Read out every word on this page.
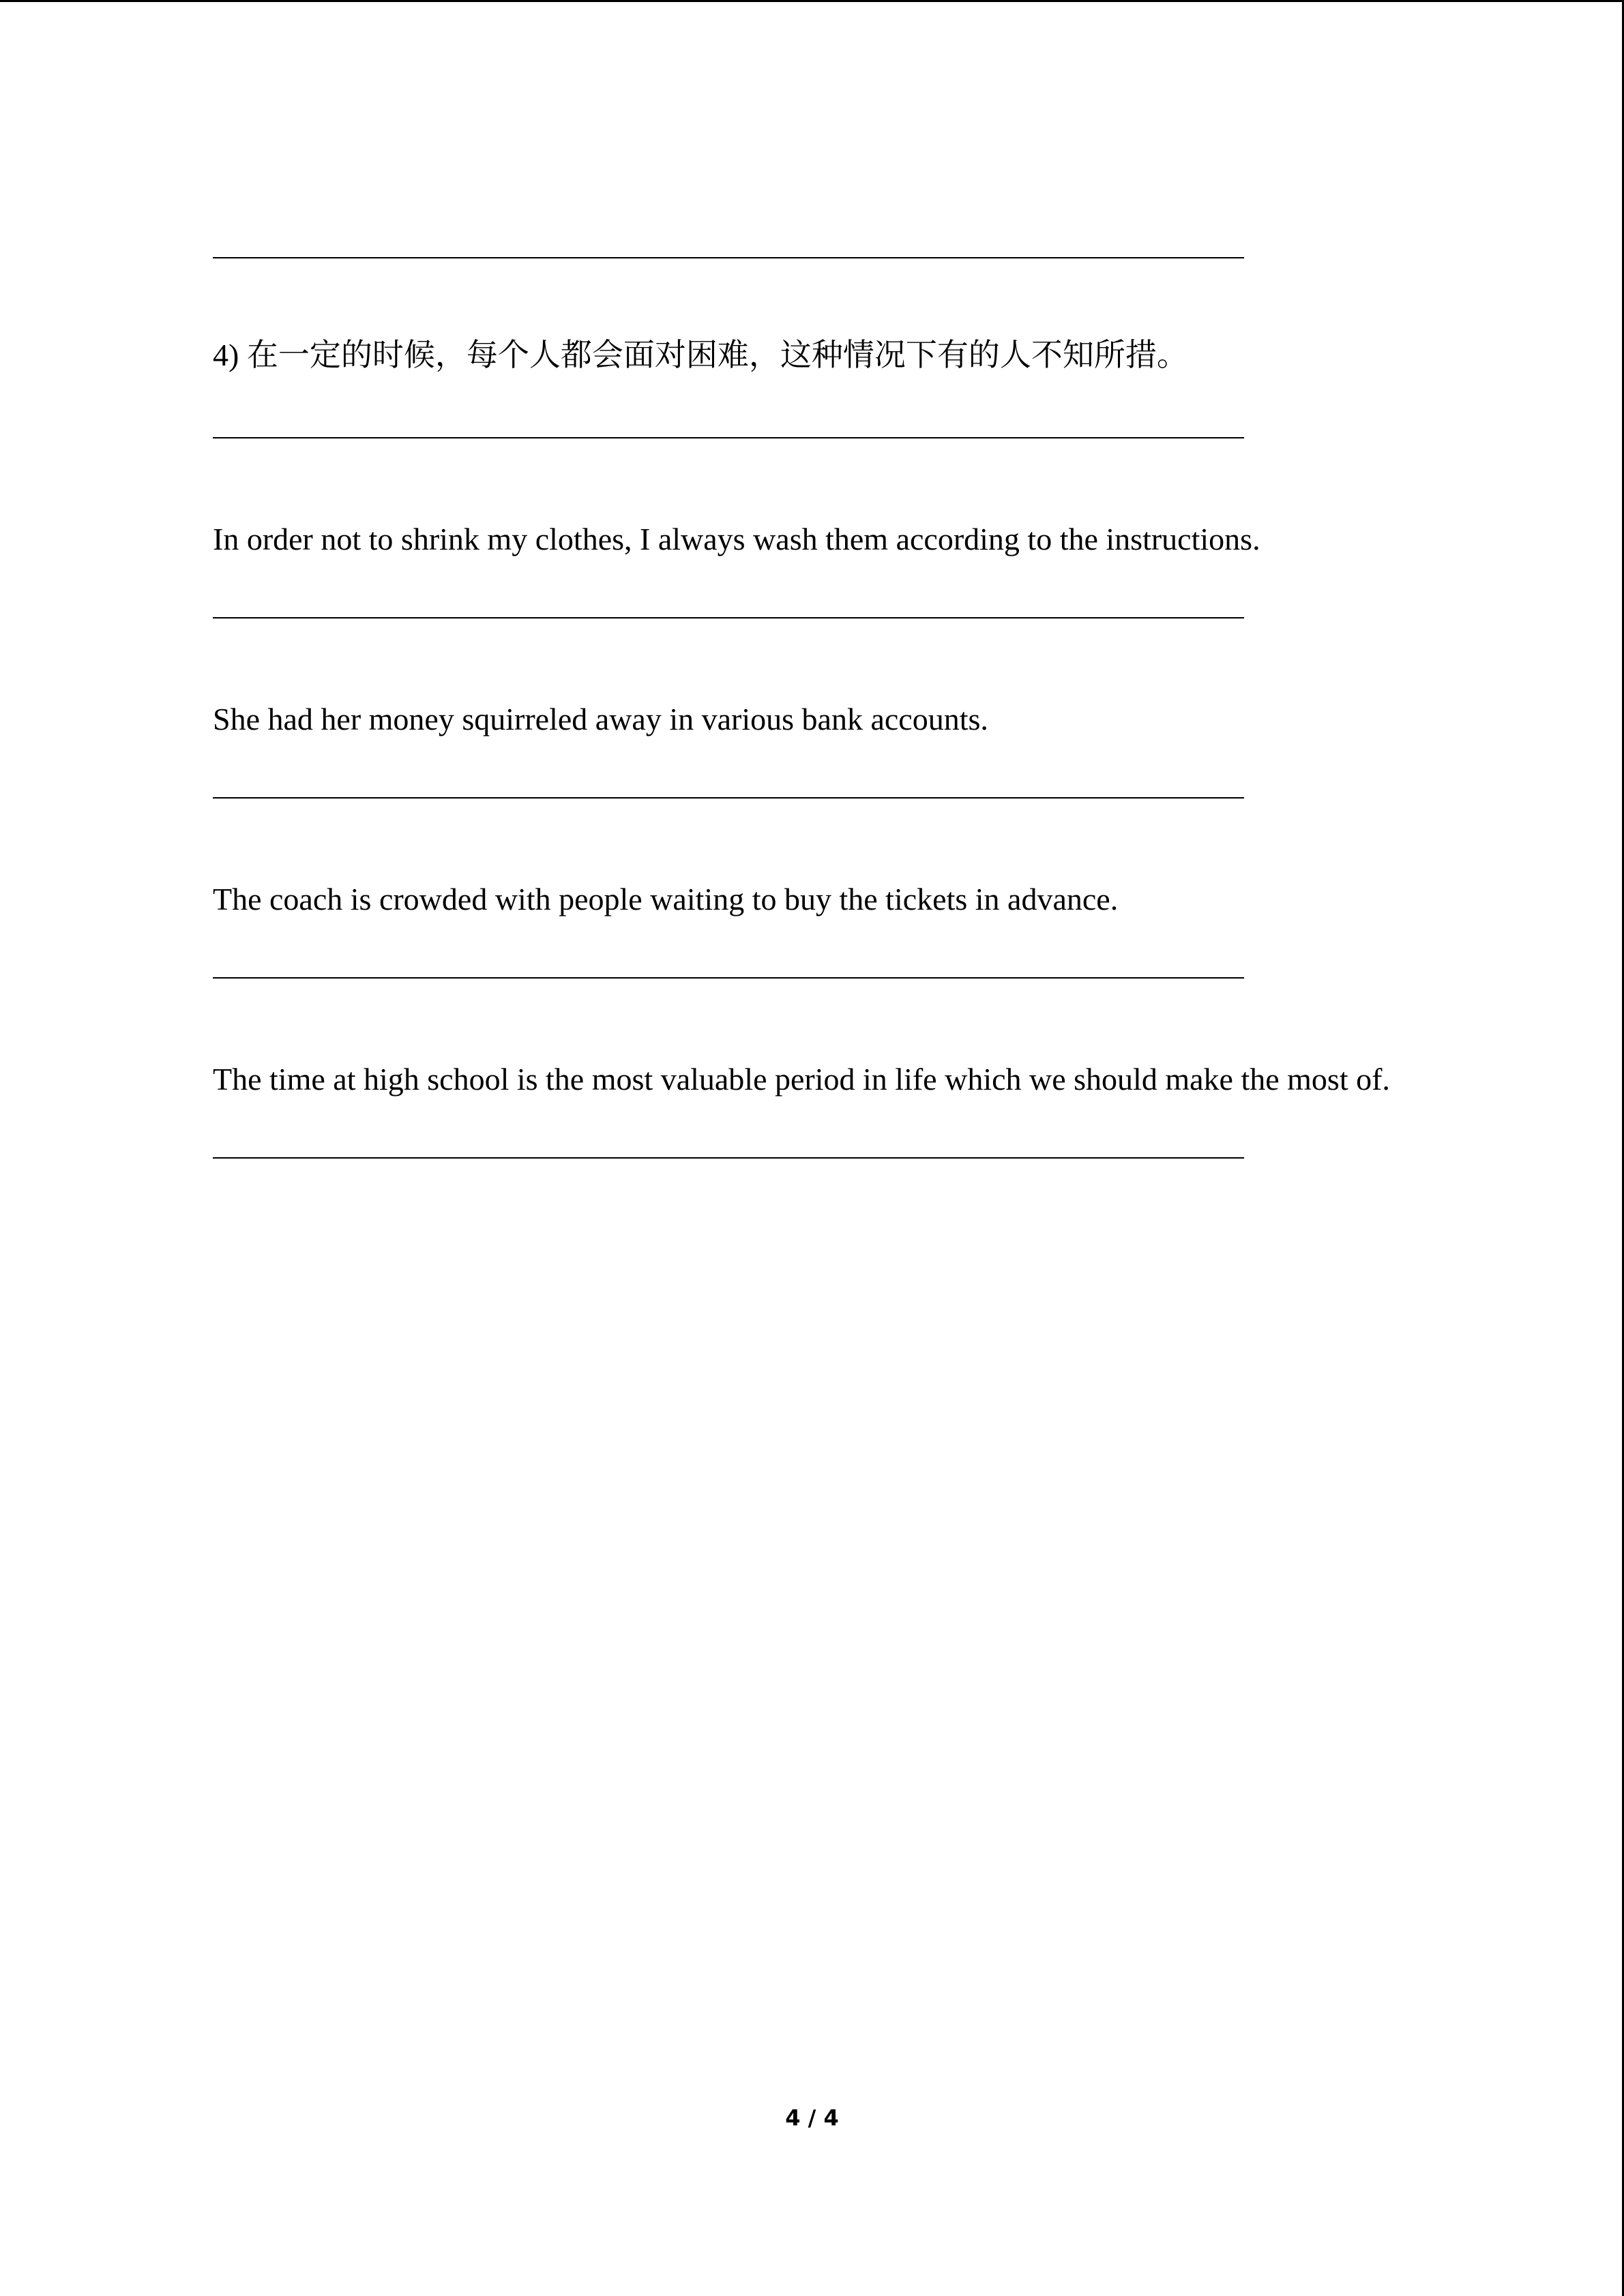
4) 在一定的时候，每个人都会面对困难，这种情况下有的人不知所措。
In order not to shrink my clothes, I always wash them according to the instructions.
She had her money squirreled away in various bank accounts.
The coach is crowded with people waiting to buy the tickets in advance.
The time at high school is the most valuable period in life which we should make the most of.
4 / 4
